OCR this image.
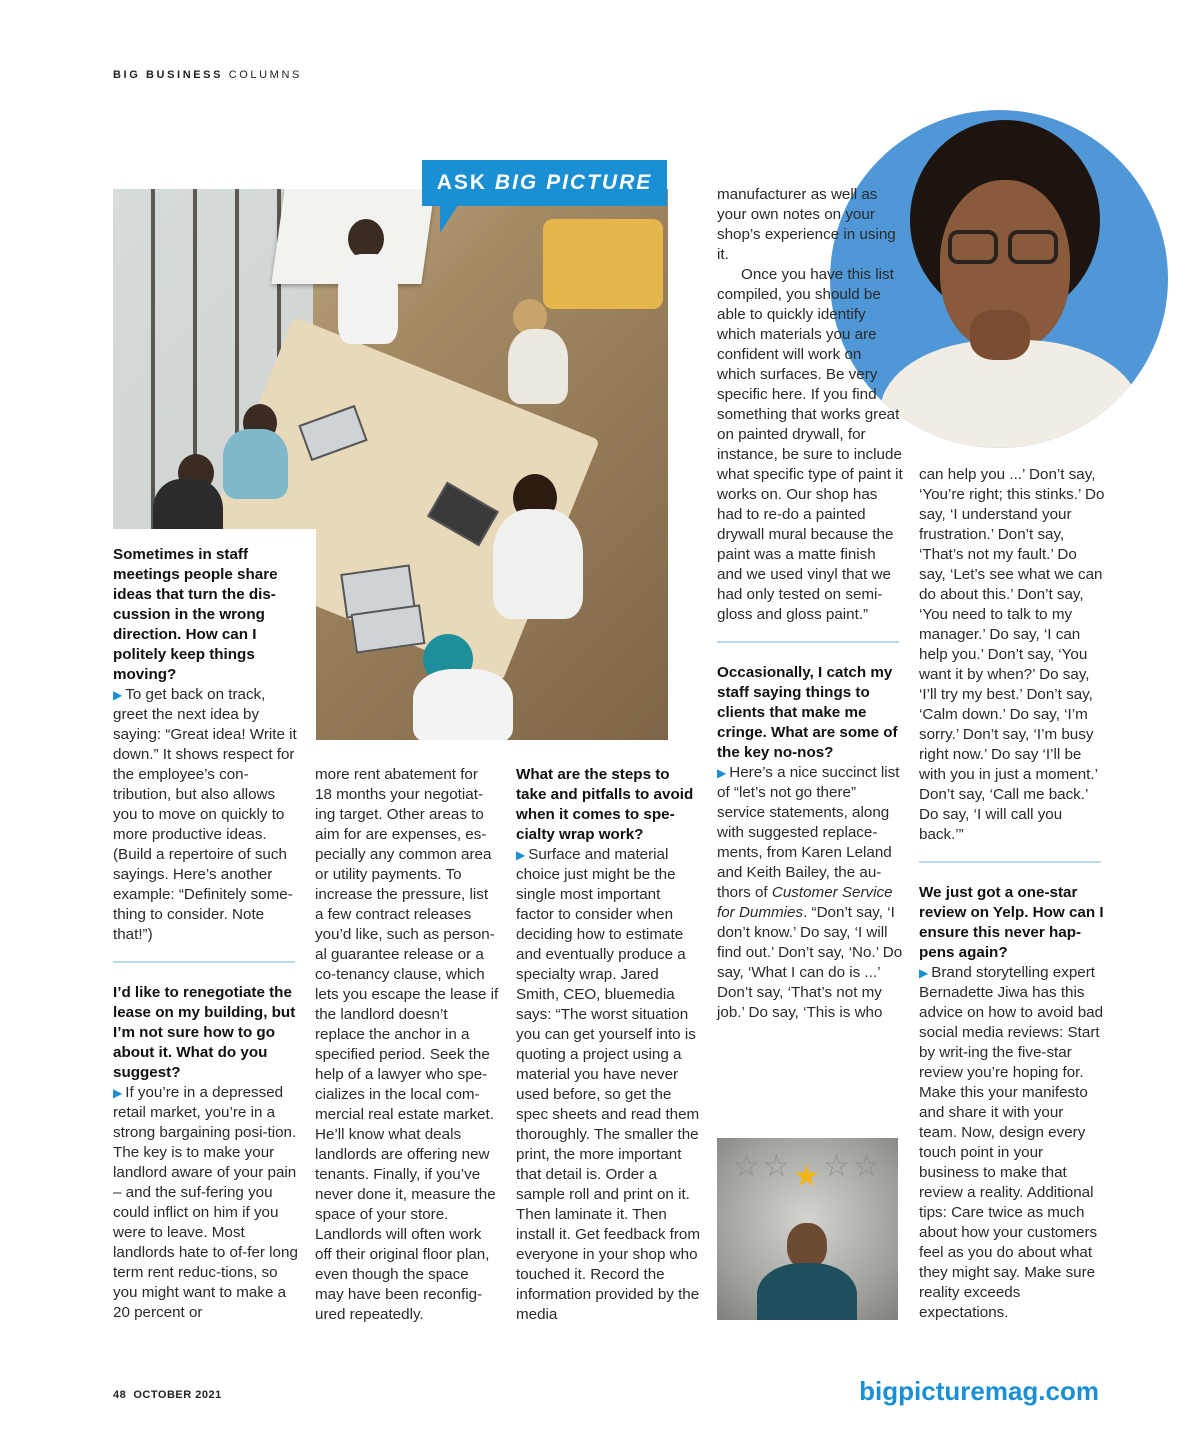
BIG BUSINESS COLUMNS
ASK BIG PICTURE

Sometimes in staff meetings people share ideas that turn the dis-cussion in the wrong direction. How can I politely keep things moving?

▶ To get back on track, greet the next idea by saying: “Great idea! Write it down.” It shows respect for the employee’s con-tribution, but also allows you to move on quickly to more productive ideas. (Build a repertoire of such sayings. Here’s another example: “Definitely some-thing to consider. Note that!”)

I’d like to renegotiate the lease on my building, but I’m not sure how to go about it. What do you suggest?

▶ If you’re in a depressed retail market, you’re in a strong bargaining posi-tion. The key is to make your landlord aware of your pain – and the suf-fering you could inflict on him if you were to leave. Most landlords hate to of-fer long term rent reduc-tions, so you might want to make a 20 percent or

more rent abatement for 18 months your negotiat-ing target. Other areas to aim for are expenses, es-pecially any common area or utility payments. To increase the pressure, list a few contract releases you’d like, such as person-al guarantee release or a co-tenancy clause, which lets you escape the lease if the landlord doesn’t replace the anchor in a specified period. Seek the help of a lawyer who spe-cializes in the local com-mercial real estate market. He’ll know what deals landlords are offering new tenants. Finally, if you’ve never done it, measure the space of your store. Landlords will often work off their original floor plan, even though the space may have been reconfig-ured repeatedly.

What are the steps to take and pitfalls to avoid when it comes to spe-cialty wrap work?

▶ Surface and material choice just might be the single most important factor to consider when deciding how to estimate and eventually produce a specialty wrap. Jared Smith, CEO, bluemedia says: “The worst situation you can get yourself into is quoting a project using a material you have never used before, so get the spec sheets and read them thoroughly. The smaller the print, the more important that detail is. Order a sample roll and print on it. Then laminate it. Then install it. Get feedback from everyone in your shop who touched it. Record the information provided by the media

manufacturer as well as your own notes on your shop’s experience in using it.

Once you have this list compiled, you should be able to quickly identify which materials you are confident will work on which surfaces. Be very specific here. If you find something that works great on painted drywall, for instance, be sure to include what specific type of paint it works on. Our shop has had to re-do a painted drywall mural because the paint was a matte finish and we used vinyl that we had only tested on semi-gloss and gloss paint.”

Occasionally, I catch my staff saying things to clients that make me cringe. What are some of the key no-nos?

▶ Here’s a nice succinct list of “let’s not go there” service statements, along with suggested replace-ments, from Karen Leland and Keith Bailey, the au-thors of Customer Service for Dummies. “Don’t say, ‘I don’t know.’ Do say, ‘I will find out.’ Don’t say, ‘No.’ Do say, ‘What I can do is ...’ Don’t say, ‘That’s not my job.’ Do say, ‘This is who

☆ ☆ ★ ☆ ☆

can help you ...’ Don’t say, ‘You’re right; this stinks.’ Do say, ‘I understand your frustration.’ Don’t say, ‘That’s not my fault.’ Do say, ‘Let’s see what we can do about this.’ Don’t say, ‘You need to talk to my manager.’ Do say, ‘I can help you.’ Don’t say, ‘You want it by when?’ Do say, ‘I’ll try my best.’ Don’t say, ‘Calm down.’ Do say, ‘I’m sorry.’ Don’t say, ‘I’m busy right now.’ Do say ‘I’ll be with you in just a moment.’ Don’t say, ‘Call me back.’ Do say, ‘I will call you back.’”

We just got a one-star review on Yelp. How can I ensure this never hap-pens again?

▶ Brand storytelling expert Bernadette Jiwa has this advice on how to avoid bad social media reviews: Start by writ-ing the five-star review you’re hoping for. Make this your manifesto and share it with your team. Now, design every touch point in your business to make that review a reality. Additional tips: Care twice as much about how your customers feel as you do about what they might say. Make sure reality exceeds expectations.

48 OCTOBER 2021	bigpicturemag.com
